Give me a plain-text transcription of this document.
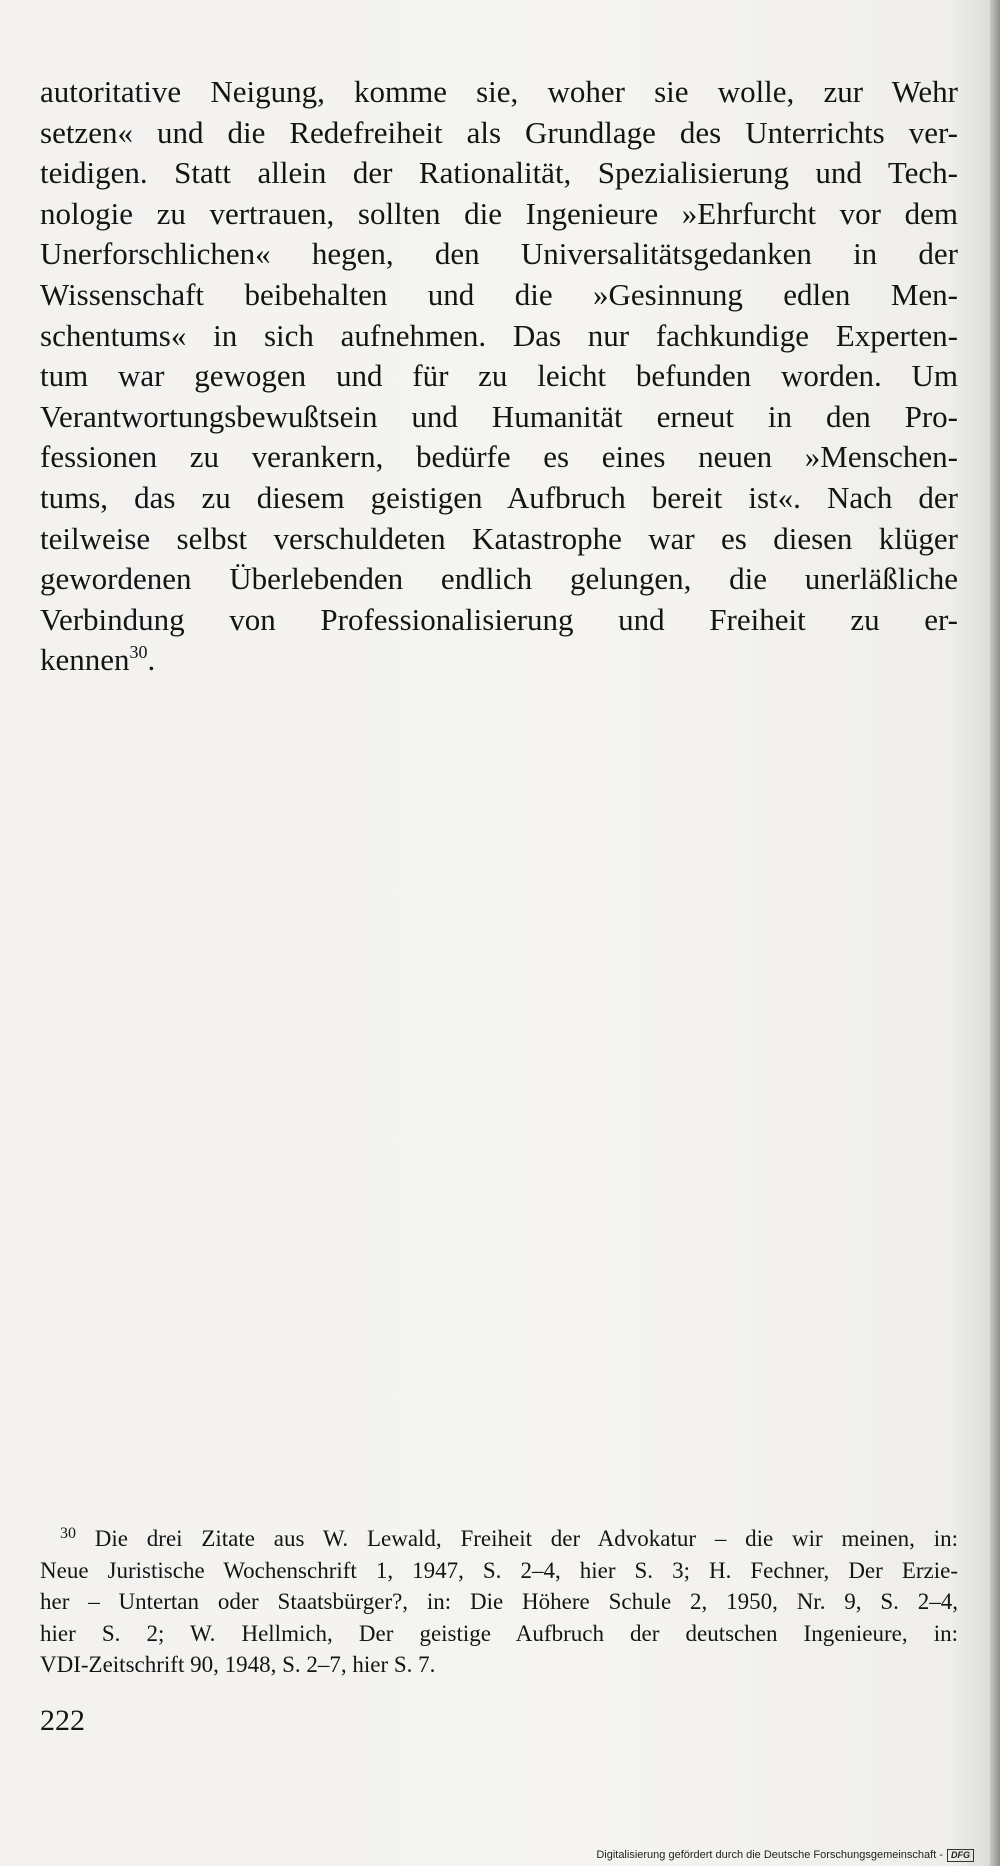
autoritative Neigung, komme sie, woher sie wolle, zur Wehr
setzen« und die Redefreiheit als Grundlage des Unterrichts ver-
teidigen. Statt allein der Rationalität, Spezialisierung und Tech-
nologie zu vertrauen, sollten die Ingenieure »Ehrfurcht vor dem
Unerforschlichen« hegen, den Universalitätsgedanken in der
Wissenschaft beibehalten und die »Gesinnung edlen Men-
schentums« in sich aufnehmen. Das nur fachkundige Experten-
tum war gewogen und für zu leicht befunden worden. Um
Verantwortungsbewußtsein und Humanität erneut in den Pro-
fessionen zu verankern, bedürfe es eines neuen »Menschen-
tums, das zu diesem geistigen Aufbruch bereit ist«. Nach der
teilweise selbst verschuldeten Katastrophe war es diesen klüger
gewordenen Überlebenden endlich gelungen, die unerläßliche
Verbindung von Professionalisierung und Freiheit zu er-
kennen$^{30}$.
$^{30}$ Die drei Zitate aus W. Lewald, Freiheit der Advokatur – die wir meinen, in:
Neue Juristische Wochenschrift 1, 1947, S. 2–4, hier S. 3; H. Fechner, Der Erzie-
her – Untertan oder Staatsbürger?, in: Die Höhere Schule 2, 1950, Nr. 9, S. 2–4,
hier S. 2; W. Hellmich, Der geistige Aufbruch der deutschen Ingenieure, in:
VDI-Zeitschrift 90, 1948, S. 2–7, hier S. 7.
222
Digitalisierung gefördert durch die Deutsche Forschungsgemeinschaft - DFG
